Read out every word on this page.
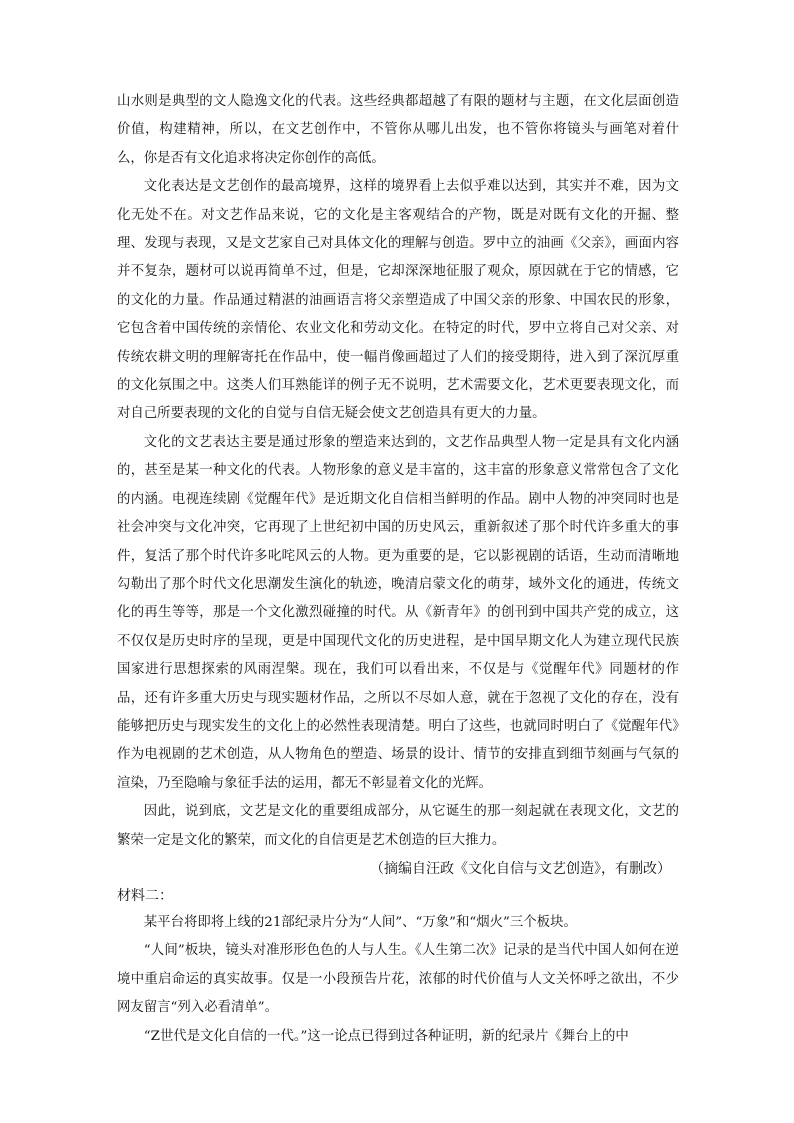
山水则是典型的文人隐逸文化的代表。这些经典都超越了有限的题材与主题，在文化层面创造价值，构建精神，所以，在文艺创作中，不管你从哪儿出发，也不管你将镜头与画笔对着什么，你是否有文化追求将决定你创作的高低。

文化表达是文艺创作的最高境界，这样的境界看上去似乎难以达到，其实并不难，因为文化无处不在。对文艺作品来说，它的文化是主客观结合的产物，既是对既有文化的开掘、整理、发现与表现，又是文艺家自己对具体文化的理解与创造。罗中立的油画《父亲》，画面内容并不复杂，题材可以说再简单不过，但是，它却深深地征服了观众，原因就在于它的情感，它的文化的力量。作品通过精湛的油画语言将父亲塑造成了中国父亲的形象、中国农民的形象，它包含着中国传统的亲情伦、农业文化和劳动文化。在特定的时代，罗中立将自己对父亲、对传统农耕文明的理解寄托在作品中，使一幅肖像画超过了人们的接受期待，进入到了深沉厚重的文化氛围之中。这类人们耳熟能详的例子无不说明，艺术需要文化，艺术更要表现文化，而对自己所要表现的文化的自觉与自信无疑会使文艺创造具有更大的力量。

文化的文艺表达主要是通过形象的塑造来达到的，文艺作品典型人物一定是具有文化内涵的，甚至是某一种文化的代表。人物形象的意义是丰富的，这丰富的形象意义常常包含了文化的内涵。电视连续剧《觉醒年代》是近期文化自信相当鲜明的作品。剧中人物的冲突同时也是社会冲突与文化冲突，它再现了上世纪初中国的历史风云，重新叙述了那个时代许多重大的事件，复活了那个时代许多叱咤风云的人物。更为重要的是，它以影视剧的话语，生动而清晰地勾勒出了那个时代文化思潮发生演化的轨迹，晚清启蒙文化的萌芽，域外文化的通进，传统文化的再生等等，那是一个文化激烈碰撞的时代。从《新青年》的创刊到中国共产党的成立，这不仅仅是历史时序的呈现，更是中国现代文化的历史进程，是中国早期文化人为建立现代民族国家进行思想探索的风雨涅槃。现在，我们可以看出来，不仅是与《觉醒年代》同题材的作品，还有许多重大历史与现实题材作品，之所以不尽如人意，就在于忽视了文化的存在，没有能够把历史与现实发生的文化上的必然性表现清楚。明白了这些，也就同时明白了《觉醒年代》作为电视剧的艺术创造，从人物角色的塑造、场景的设计、情节的安排直到细节刻画与气氛的渲染，乃至隐喻与象征手法的运用，都无不彰显着文化的光辉。

因此，说到底，文艺是文化的重要组成部分，从它诞生的那一刻起就在表现文化，文艺的繁荣一定是文化的繁荣，而文化的自信更是艺术创造的巨大推力。

（摘编自汪政《文化自信与文艺创造》，有删改）
材料二：

某平台将即将上线的21部纪录片分为“人间”、“万象”和“烟火”三个板块。

“人间”板块，镜头对准形形色色的人与人生。《人生第二次》记录的是当代中国人如何在逆境中重启命运的真实故事。仅是一小段预告片花，浓郁的时代价值与人文关怀呼之欲出，不少网友留言“列入必看清单”。

“Z世代是文化自信的一代。”这一论点已得到过各种证明，新的纪录片《舞台上的中
